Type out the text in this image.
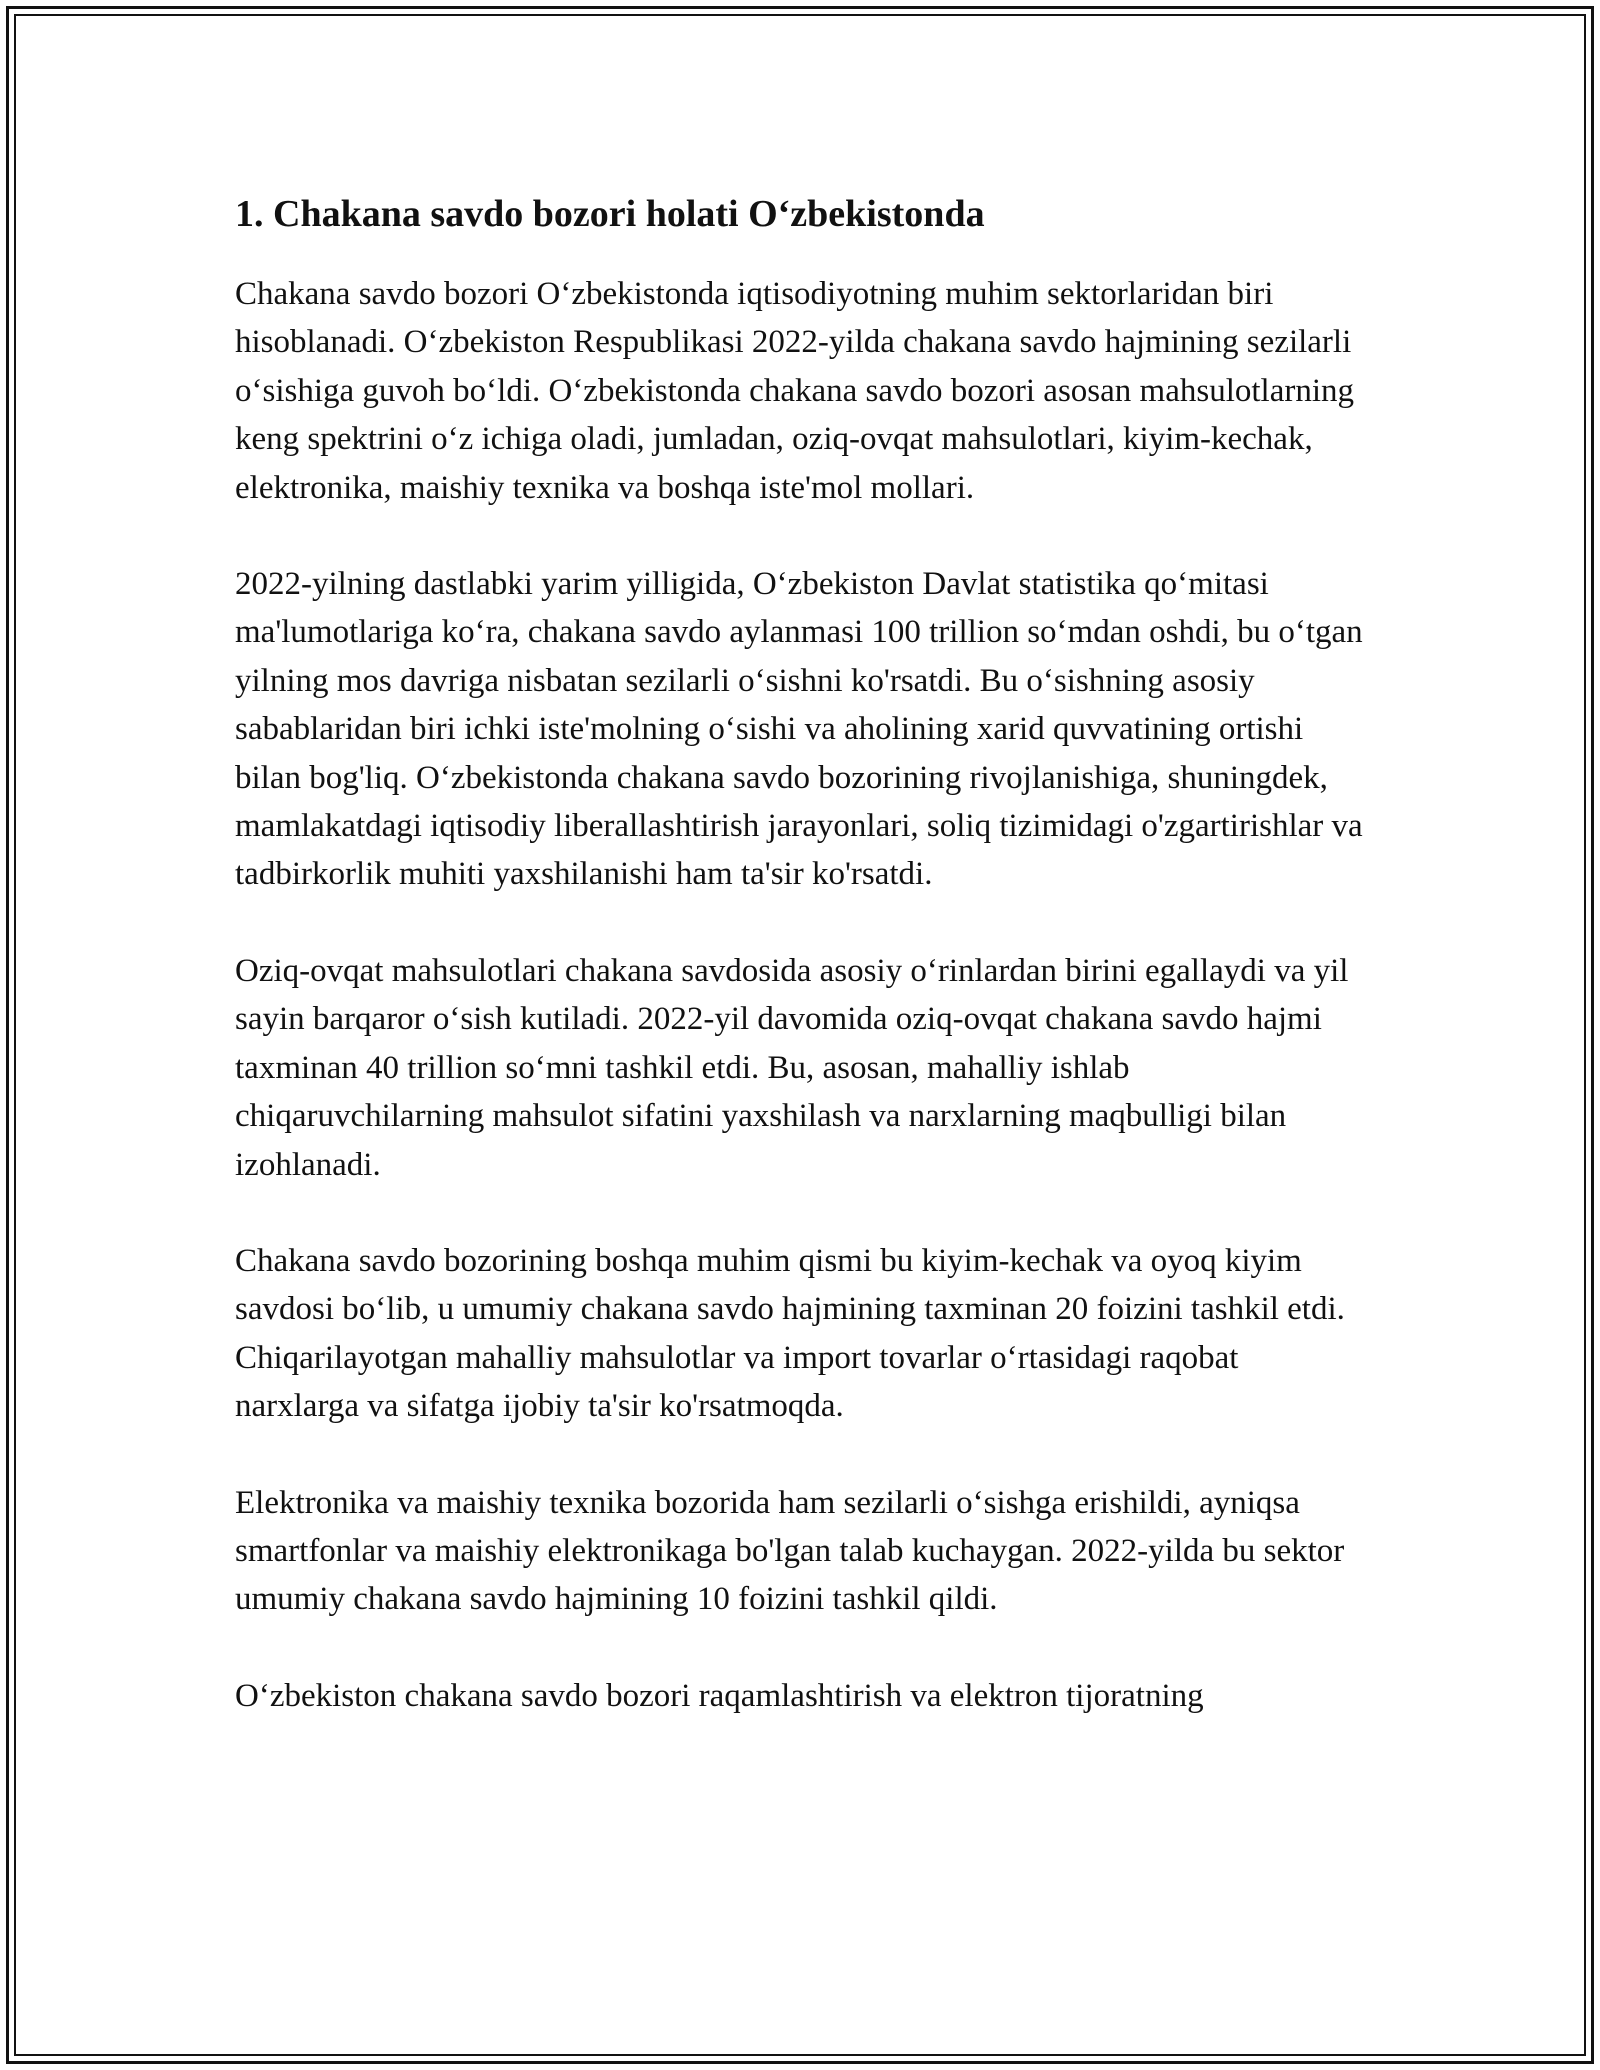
1. Chakana savdo bozori holati O‘zbekistonda

Chakana savdo bozori O‘zbekistonda iqtisodiyotning muhim sektorlaridan biri hisoblanadi. O‘zbekiston Respublikasi 2022-yilda chakana savdo hajmining sezilarli o‘sishiga guvoh bo‘ldi. O‘zbekistonda chakana savdo bozori asosan mahsulotlarning keng spektrini o‘z ichiga oladi, jumladan, oziq-ovqat mahsulotlari, kiyim-kechak, elektronika, maishiy texnika va boshqa iste'mol mollari.

2022-yilning dastlabki yarim yilligida, O‘zbekiston Davlat statistika qo‘mitasi ma'lumotlariga ko‘ra, chakana savdo aylanmasi 100 trillion so‘mdan oshdi, bu o‘tgan yilning mos davriga nisbatan sezilarli o‘sishni ko'rsatdi. Bu o‘sishning asosiy sabablaridan biri ichki iste'molning o‘sishi va aholining xarid quvvatining ortishi bilan bog'liq. O‘zbekistonda chakana savdo bozorining rivojlanishiga, shuningdek, mamlakatdagi iqtisodiy liberallashtirish jarayonlari, soliq tizimidagi o'zgartirishlar va tadbirkorlik muhiti yaxshilanishi ham ta'sir ko'rsatdi.

Oziq-ovqat mahsulotlari chakana savdosida asosiy o‘rinlardan birini egallaydi va yil sayin barqaror o‘sish kutiladi. 2022-yil davomida oziq-ovqat chakana savdo hajmi taxminan 40 trillion so‘mni tashkil etdi. Bu, asosan, mahalliy ishlab chiqaruvchilarning mahsulot sifatini yaxshilash va narxlarning maqbulligi bilan izohlanadi.

Chakana savdo bozorining boshqa muhim qismi bu kiyim-kechak va oyoq kiyim savdosi bo‘lib, u umumiy chakana savdo hajmining taxminan 20 foizini tashkil etdi. Chiqarilayotgan mahalliy mahsulotlar va import tovarlar o‘rtasidagi raqobat narxlarga va sifatga ijobiy ta'sir ko'rsatmoqda.

Elektronika va maishiy texnika bozorida ham sezilarli o‘sishga erishildi, ayniqsa smartfonlar va maishiy elektronikaga bo'lgan talab kuchaygan. 2022-yilda bu sektor umumiy chakana savdo hajmining 10 foizini tashkil qildi.

O‘zbekiston chakana savdo bozori raqamlashtirish va elektron tijoratning
